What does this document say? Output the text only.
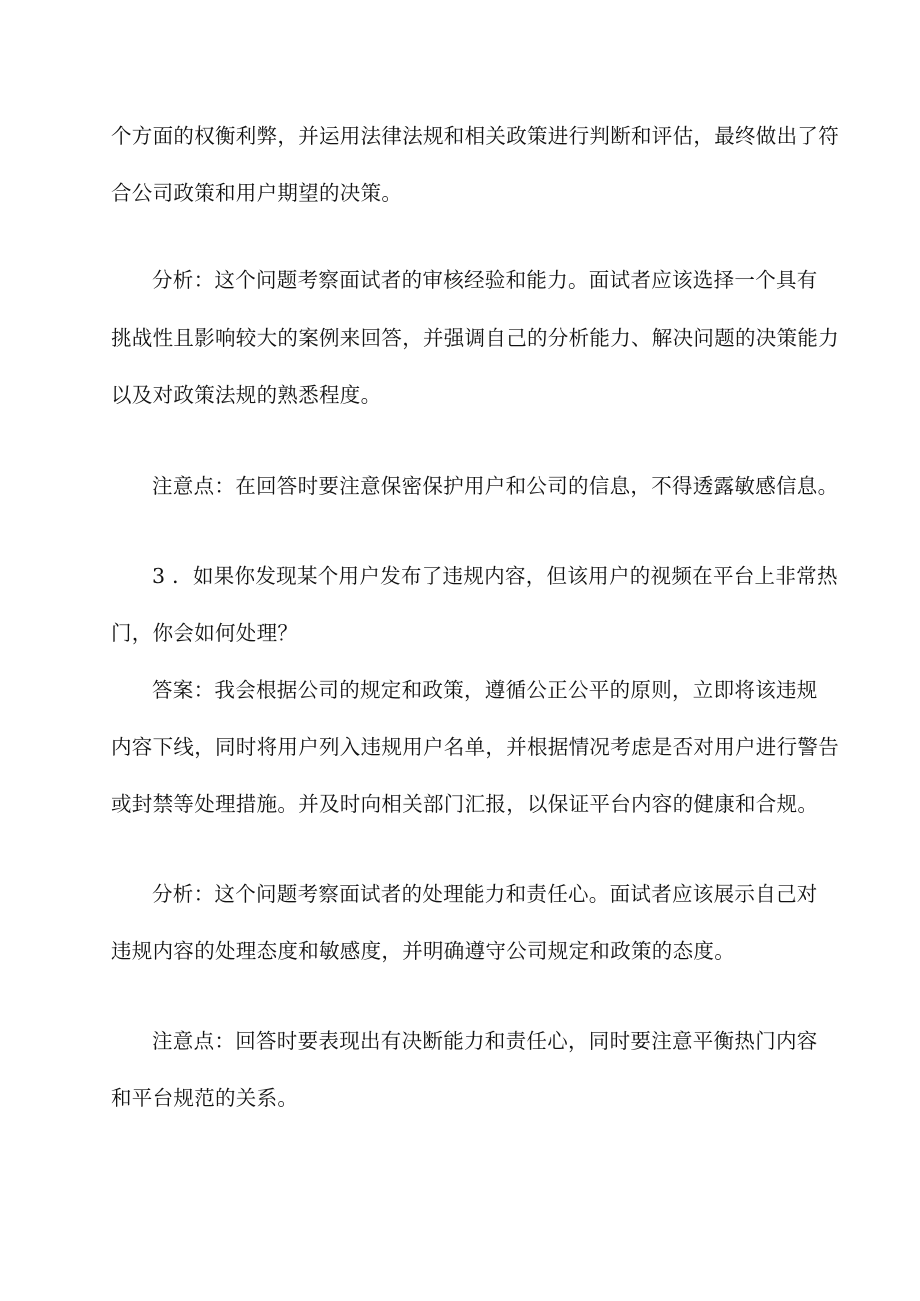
个方面的权衡利弊，并运用法律法规和相关政策进行判断和评估，最终做出了符
合公司政策和用户期望的决策。
分析：这个问题考察面试者的审核经验和能力。面试者应该选择一个具有
挑战性且影响较大的案例来回答，并强调自己的分析能力、解决问题的决策能力
以及对政策法规的熟悉程度。
注意点：在回答时要注意保密保护用户和公司的信息，不得透露敏感信息。
3 ．如果你发现某个用户发布了违规内容，但该用户的视频在平台上非常热
门，你会如何处理？
答案：我会根据公司的规定和政策，遵循公正公平的原则，立即将该违规
内容下线，同时将用户列入违规用户名单，并根据情况考虑是否对用户进行警告
或封禁等处理措施。并及时向相关部门汇报，以保证平台内容的健康和合规。
分析：这个问题考察面试者的处理能力和责任心。面试者应该展示自己对
违规内容的处理态度和敏感度，并明确遵守公司规定和政策的态度。
注意点：回答时要表现出有决断能力和责任心，同时要注意平衡热门内容
和平台规范的关系。
